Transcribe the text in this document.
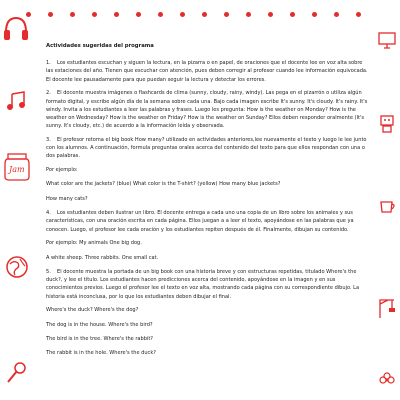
Jam

Actividades sugeridas del programa

1. Los estudiantes escuchan y siguen la lectura, en la pizarra o en papel, de oraciones que el docente lee en voz alta sobre las estaciones del año. Tienen que escuchar con atención, pues deben corregir al profesor cuando lee información equivocada. El docente lee pausadamente para que puedan seguir la lectura y detectar los errores.

2. El docente muestra imágenes o flashcards de clima (sunny, cloudy, rainy, windy). Las pega en el pizarrón o utiliza algún formato digital, y escribe algún día de la semana sobre cada una. Bajo cada imagen escribe It's sunny. It's cloudy. It's rainy. It's windy. Invita a los estudiantes a leer las palabras y frases. Luego les pregunta: How is the weather on Monday? How is the weather on Wednesday? How is the weather on Friday? How is the weather on Sunday? Ellos deben responder oralmente (It's sunny. It's cloudy, etc.) de acuerdo a la información leída y observada.

3. El profesor retoma el big book How many? utilizado en actividades anteriores,lee nuevamente el texto y luego le lee junto con los alumnos. A continuación, formula preguntas orales acerca del contenido del texto para que ellos respondan con una o dos palabras.

Por ejemplo:

What color are the jackets? (blue) What color is the T-shirt? (yellow) How many blue jackets?

How many cats?

4. Los estudiantes deben ilustrar un libro. El docente entrega a cada uno una copia de un libro sobre los animales y sus características, con una oración escrita en cada página. Ellos juegan a a leer el texto, apoyándose en las palabras que ya conocen. Luego, el profesor lee cada oración y los estudiantes repiten después de él. Finalmente, dibujan su contenido.

Por ejemplo: My animals One big dog.

A white sheep. Three rabbits. One small cat.

5. El docente muestra la portada de un big book con una historia breve y con estructuras repetidas, titulado Where's the duck?, y lee el título. Los estudiantes hacen predicciones acerca del contenido, apoyándose en la imagen y en sus conocimientos previos. Luego el profesor lee el texto en voz alta, mostrando cada página con su correspondiente dibujo. La historia está inconclusa, por lo que los estudiantes deben dibujar el final.

Where's the duck? Where's the dog?

The dog is in the house. Where's the bird?

The bird is in the tree. Where's the rabbit?

The rabbit is in the hole. Where's the duck?
